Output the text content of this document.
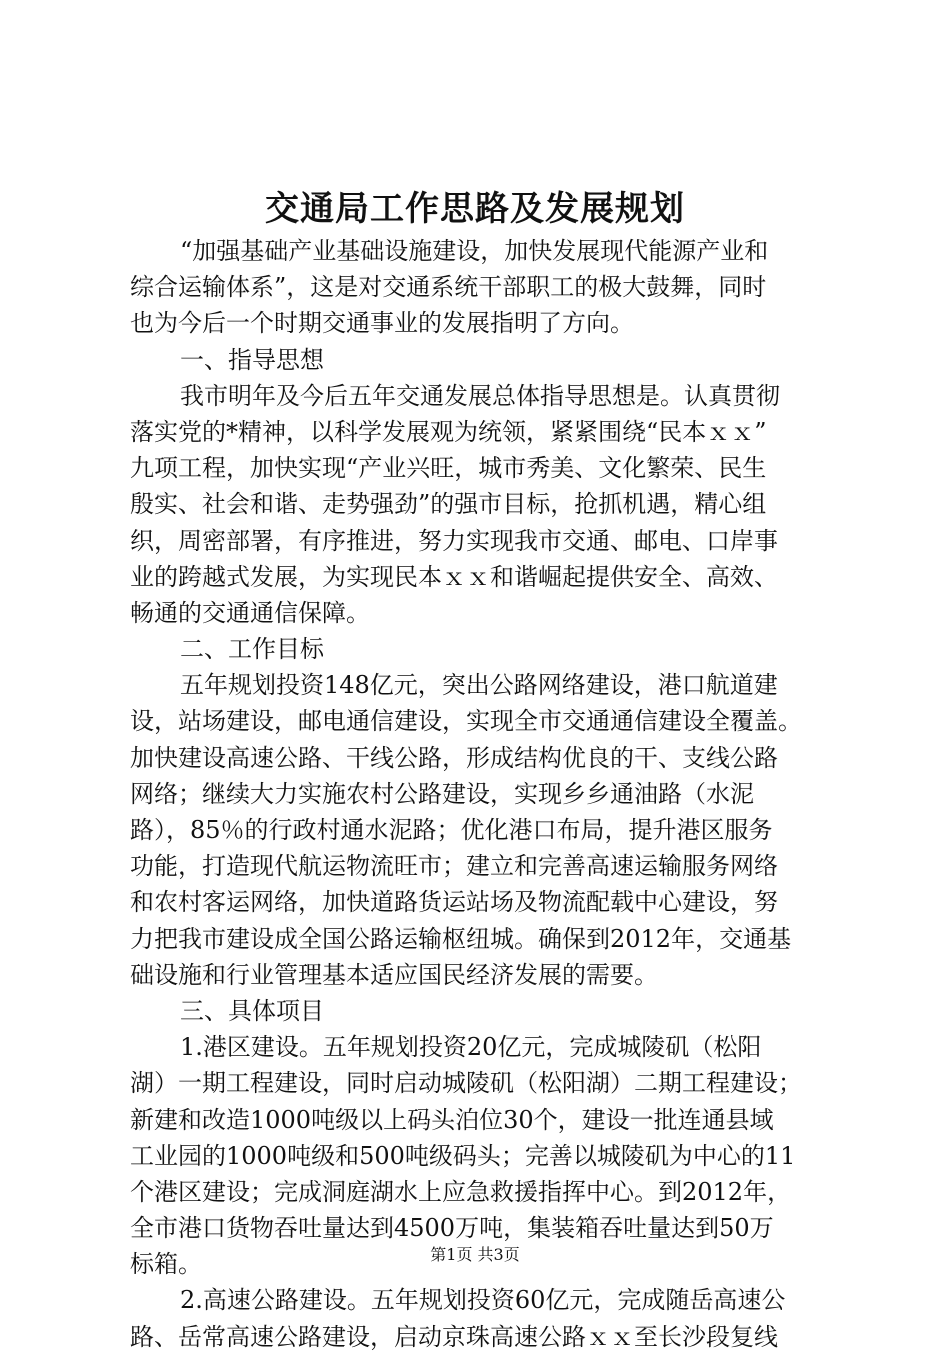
交通局工作思路及发展规划
“加强基础产业基础设施建设，加快发展现代能源产业和
综合运输体系”，这是对交通系统干部职工的极大鼓舞，同时
也为今后一个时期交通事业的发展指明了方向。
一、指导思想
我市明年及今后五年交通发展总体指导思想是。认真贯彻
落实党的*精神，以科学发展观为统领，紧紧围绕“民本ｘｘ”
九项工程，加快实现“产业兴旺，城市秀美、文化繁荣、民生
殷实、社会和谐、走势强劲”的强市目标，抢抓机遇，精心组
织，周密部署，有序推进，努力实现我市交通、邮电、口岸事
业的跨越式发展，为实现民本ｘｘ和谐崛起提供安全、高效、
畅通的交通通信保障。
二、工作目标
五年规划投资148亿元，突出公路网络建设，港口航道建
设，站场建设，邮电通信建设，实现全市交通通信建设全覆盖。
加快建设高速公路、干线公路，形成结构优良的干、支线公路
网络；继续大力实施农村公路建设，实现乡乡通油路（水泥
路），85％的行政村通水泥路；优化港口布局，提升港区服务
功能，打造现代航运物流旺市；建立和完善高速运输服务网络
和农村客运网络，加快道路货运站场及物流配载中心建设，努
力把我市建设成全国公路运输枢纽城。确保到2012年，交通基
础设施和行业管理基本适应国民经济发展的需要。
三、具体项目
1.港区建设。五年规划投资20亿元，完成城陵矶（松阳
湖）一期工程建设，同时启动城陵矶（松阳湖）二期工程建设；
新建和改造1000吨级以上码头泊位30个，建设一批连通县域
工业园的1000吨级和500吨级码头；完善以城陵矶为中心的11
个港区建设；完成洞庭湖水上应急救援指挥中心。到2012年，
全市港口货物吞吐量达到4500万吨，集装箱吞吐量达到50万
标箱。
2.高速公路建设。五年规划投资60亿元，完成随岳高速公
路、岳常高速公路建设，启动京珠高速公路ｘｘ至长沙段复线
第1页 共3页
